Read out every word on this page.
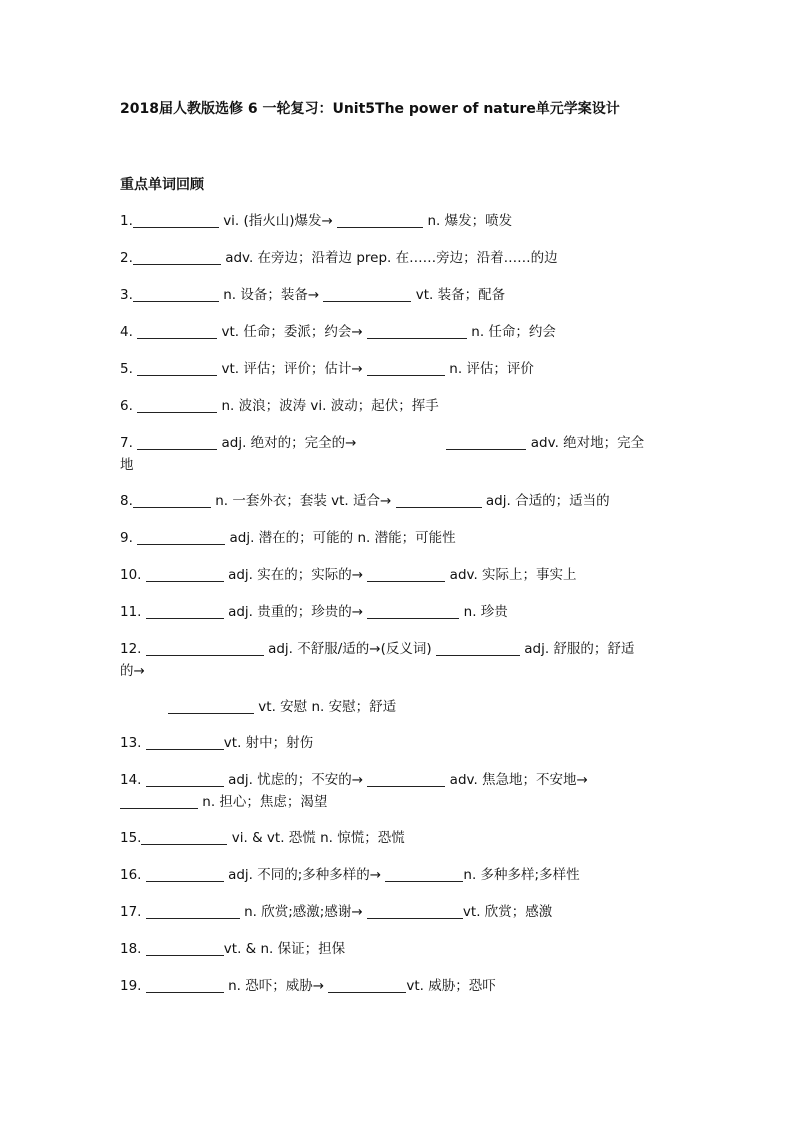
2018届人教版选修 6 一轮复习：Unit5The power of nature单元学案设计
重点单词回顾
1.	vi. (指火山)爆发→	n. 爆发；喷发
2.	adv. 在旁边；沿着边 prep. 在……旁边；沿着……的边
3.	n. 设备；装备→	vt. 装备；配备
4.	vt. 任命；委派；约会→	n. 任命；约会
5.	vt. 评估；评价；估计→	n. 评估；评价
6.	n. 波浪；波涛 vi. 波动；起伏；挥手
7.	adj. 绝对的；完全的→	adv. 绝对地；完全
地
8.	n. 一套外衣；套装 vt. 适合→	adj. 合适的；适当的
9.	adj. 潜在的；可能的 n. 潜能；可能性
10.	adj. 实在的；实际的→	adv. 实际上；事实上
11.	adj. 贵重的；珍贵的→	n. 珍贵
12.	adj. 不舒服/适的→(反义词)	adj. 舒服的；舒适
的→
vt. 安慰 n. 安慰；舒适
13.	vt. 射中；射伤
14.	adj. 忧虑的；不安的→	adv. 焦急地；不安地→
n. 担心；焦虑；渴望
15.	vi. & vt. 恐慌 n. 惊慌；恐慌
16.	adj. 不同的;多种多样的→	n. 多种多样;多样性
17.	n. 欣赏;感激;感谢→	vt. 欣赏；感激
18.	vt. & n. 保证；担保
19.	n. 恐吓；威胁→	vt. 威胁；恐吓
